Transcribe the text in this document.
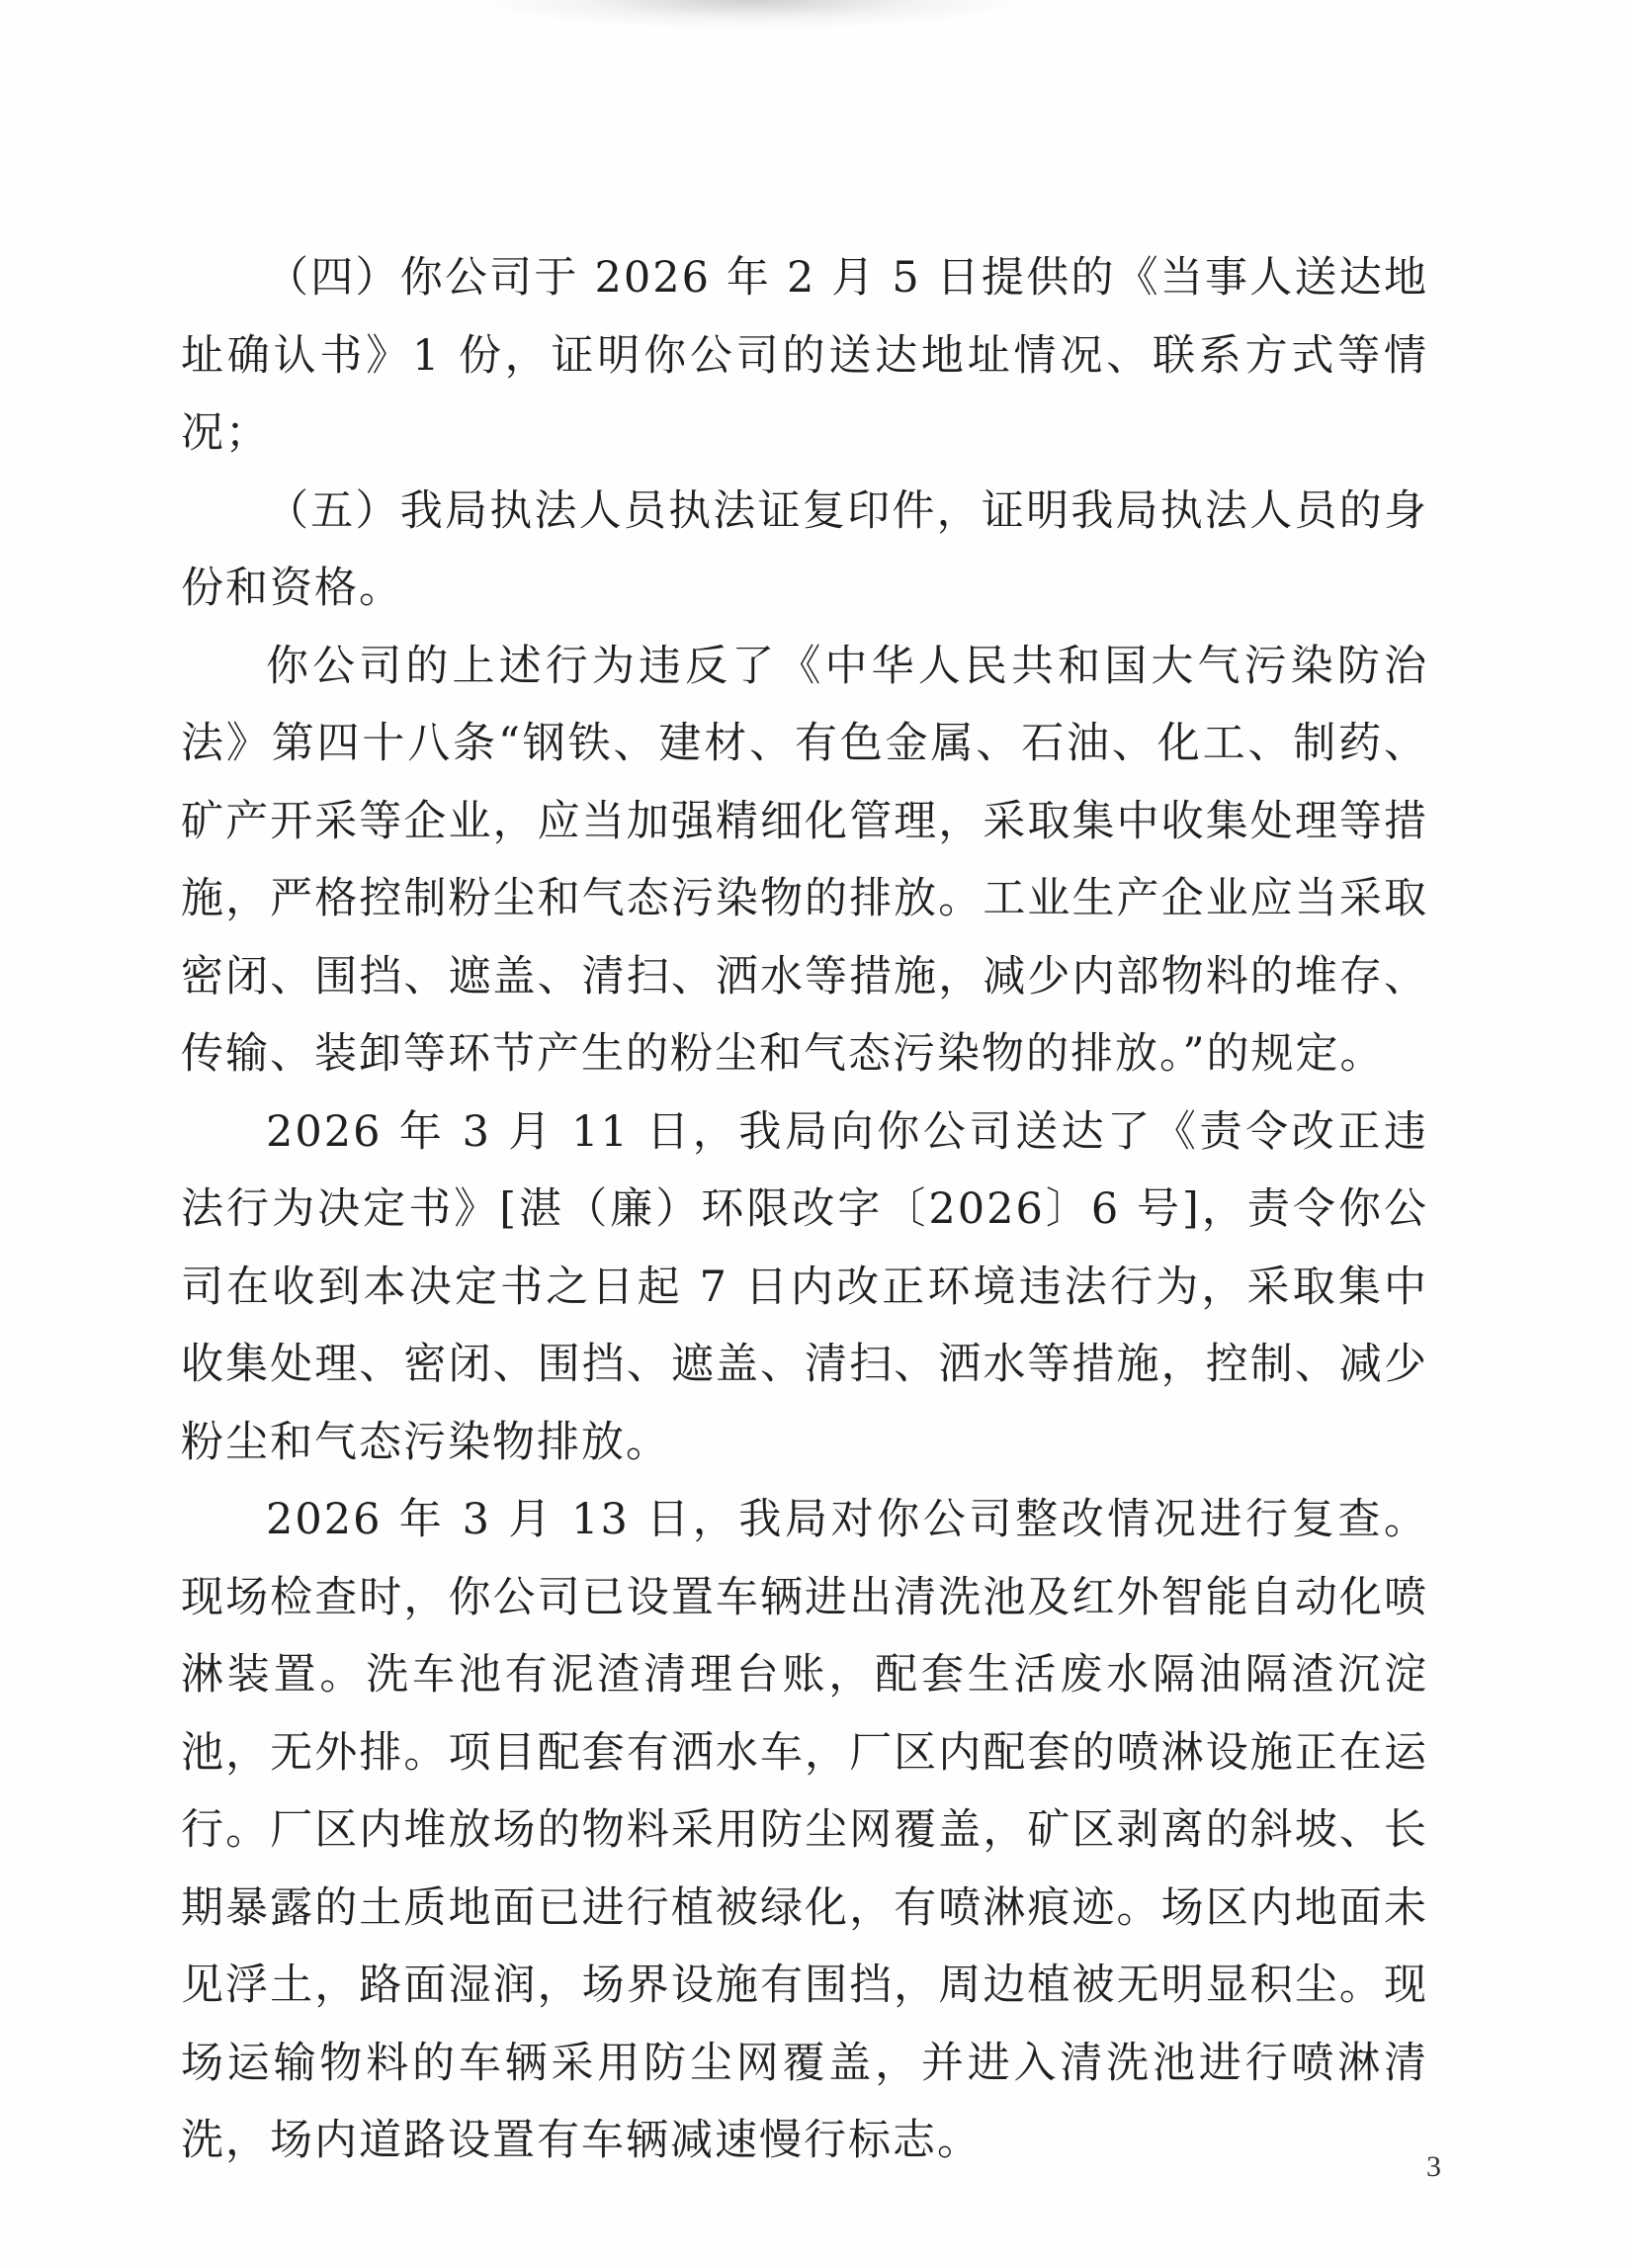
（四）你公司于 2026 年 2 月 5 日提供的《当事人送达地址确认书》1 份，证明你公司的送达地址情况、联系方式等情况；

（五）我局执法人员执法证复印件，证明我局执法人员的身份和资格。

你公司的上述行为违反了《中华人民共和国大气污染防治法》第四十八条“钢铁、建材、有色金属、石油、化工、制药、矿产开采等企业，应当加强精细化管理，采取集中收集处理等措施，严格控制粉尘和气态污染物的排放。工业生产企业应当采取密闭、围挡、遮盖、清扫、洒水等措施，减少内部物料的堆存、传输、装卸等环节产生的粉尘和气态污染物的排放。”的规定。

2026 年 3 月 11 日，我局向你公司送达了《责令改正违法行为决定书》[湛（廉）环限改字〔2026〕6 号]，责令你公司在收到本决定书之日起 7 日内改正环境违法行为，采取集中收集处理、密闭、围挡、遮盖、清扫、洒水等措施，控制、减少粉尘和气态污染物排放。

2026 年 3 月 13 日，我局对你公司整改情况进行复查。现场检查时，你公司已设置车辆进出清洗池及红外智能自动化喷淋装置。洗车池有泥渣清理台账，配套生活废水隔油隔渣沉淀池，无外排。项目配套有洒水车，厂区内配套的喷淋设施正在运行。厂区内堆放场的物料采用防尘网覆盖，矿区剥离的斜坡、长期暴露的土质地面已进行植被绿化，有喷淋痕迹。场区内地面未见浮土，路面湿润，场界设施有围挡，周边植被无明显积尘。现场运输物料的车辆采用防尘网覆盖，并进入清洗池进行喷淋清洗，场内道路设置有车辆减速慢行标志。

3
